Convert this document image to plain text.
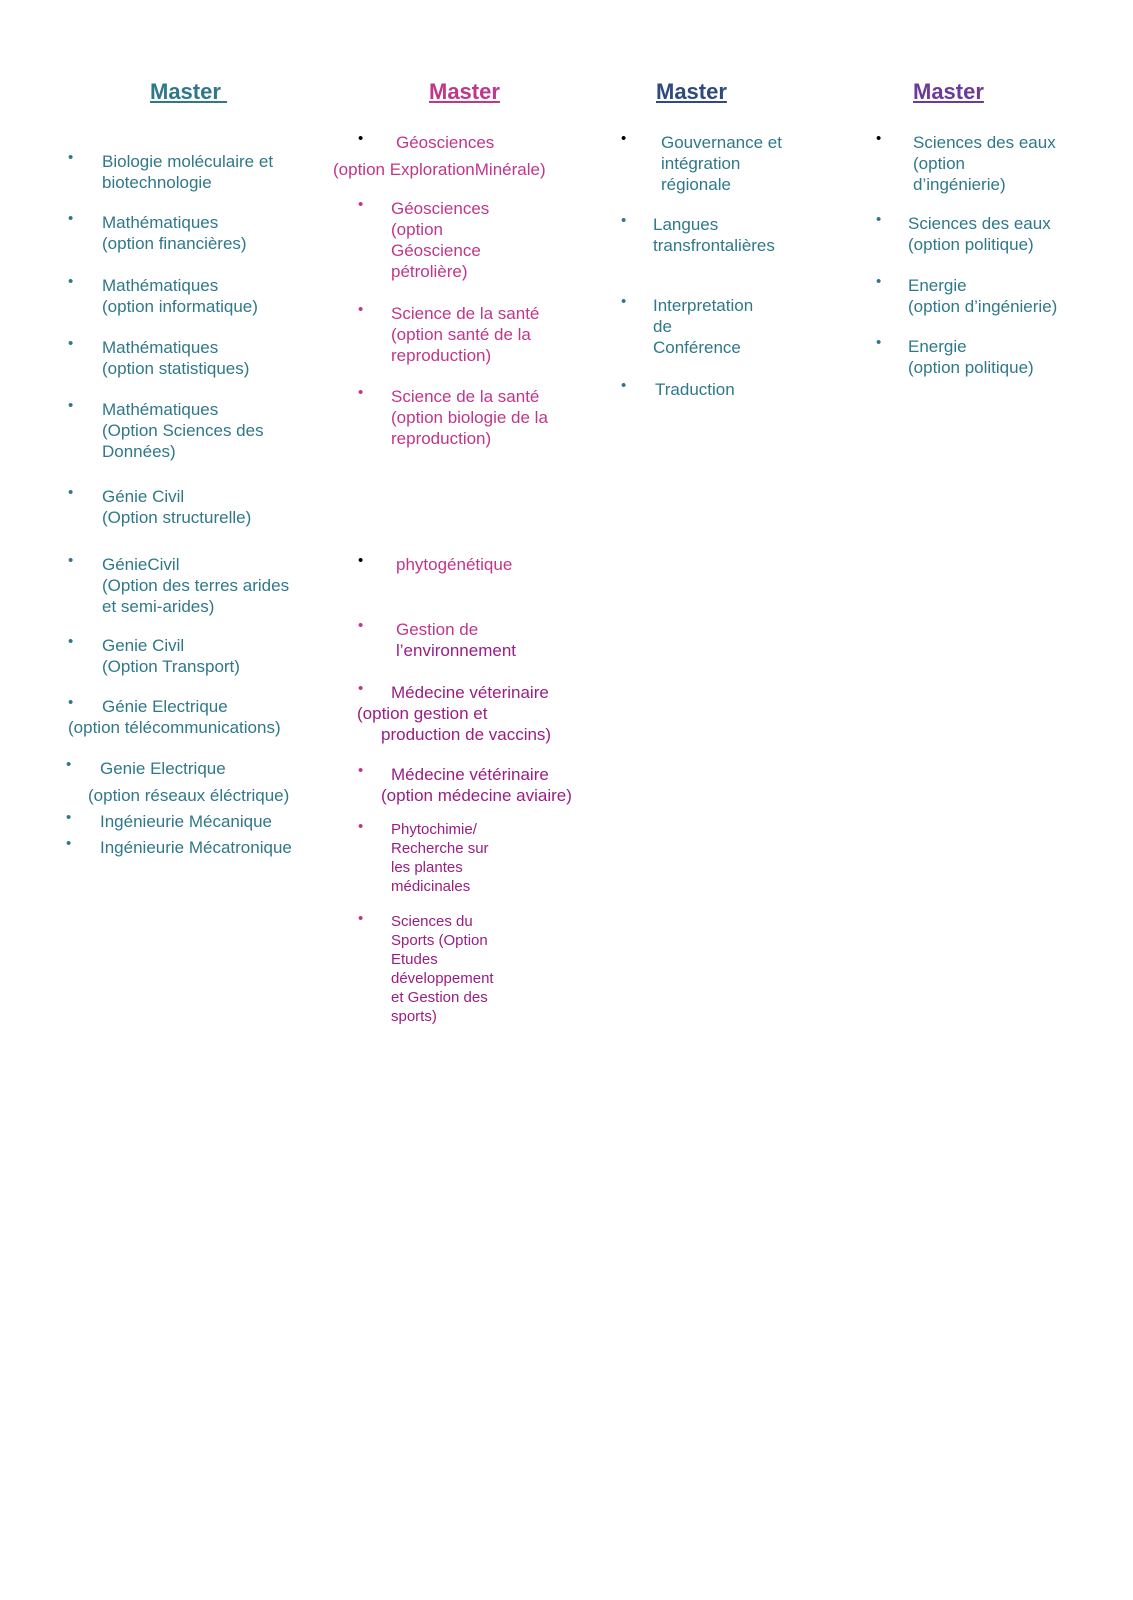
Master	Master	Master	Master
• Biologie moléculaire et
biotechnologie
• Mathématiques
(option financières)
• Mathématiques
(option informatique)
• Mathématiques
(option statistiques)
• Mathématiques
(Option Sciences des
Données)
• Génie Civil
(Option structurelle)
• GénieCivil
(Option des terres arides
et semi-arides)
• Genie Civil
(Option Transport)
• Génie Electrique
(option télécommunications)
• Genie Electrique
(option réseaux éléctrique)
• Ingénieurie Mécanique
• Ingénieurie Mécatronique
• Géosciences
(option ExplorationMinérale)
• Géosciences
(option
Géoscience
pétrolière)
• Science de la santé
(option santé de la
reproduction)
• Science de la santé
(option biologie de la
reproduction)
• phytogénétique
• Gestion de
l’environnement
• Médecine véterinaire
(option gestion et
production de vaccins)
• Médecine vétérinaire
(option médecine aviaire)
• Phytochimie/
Recherche sur
les plantes
médicinales
• Sciences du
Sports (Option
Etudes
développement
et Gestion des
sports)
• Gouvernance et
intégration
régionale
• Langues
transfrontalières
• Interpretation
de
Conférence
• Traduction
• Sciences des eaux
(option
d’ingénierie)
• Sciences des eaux
(option politique)
• Energie
(option d’ingénierie)
• Energie
(option politique)
